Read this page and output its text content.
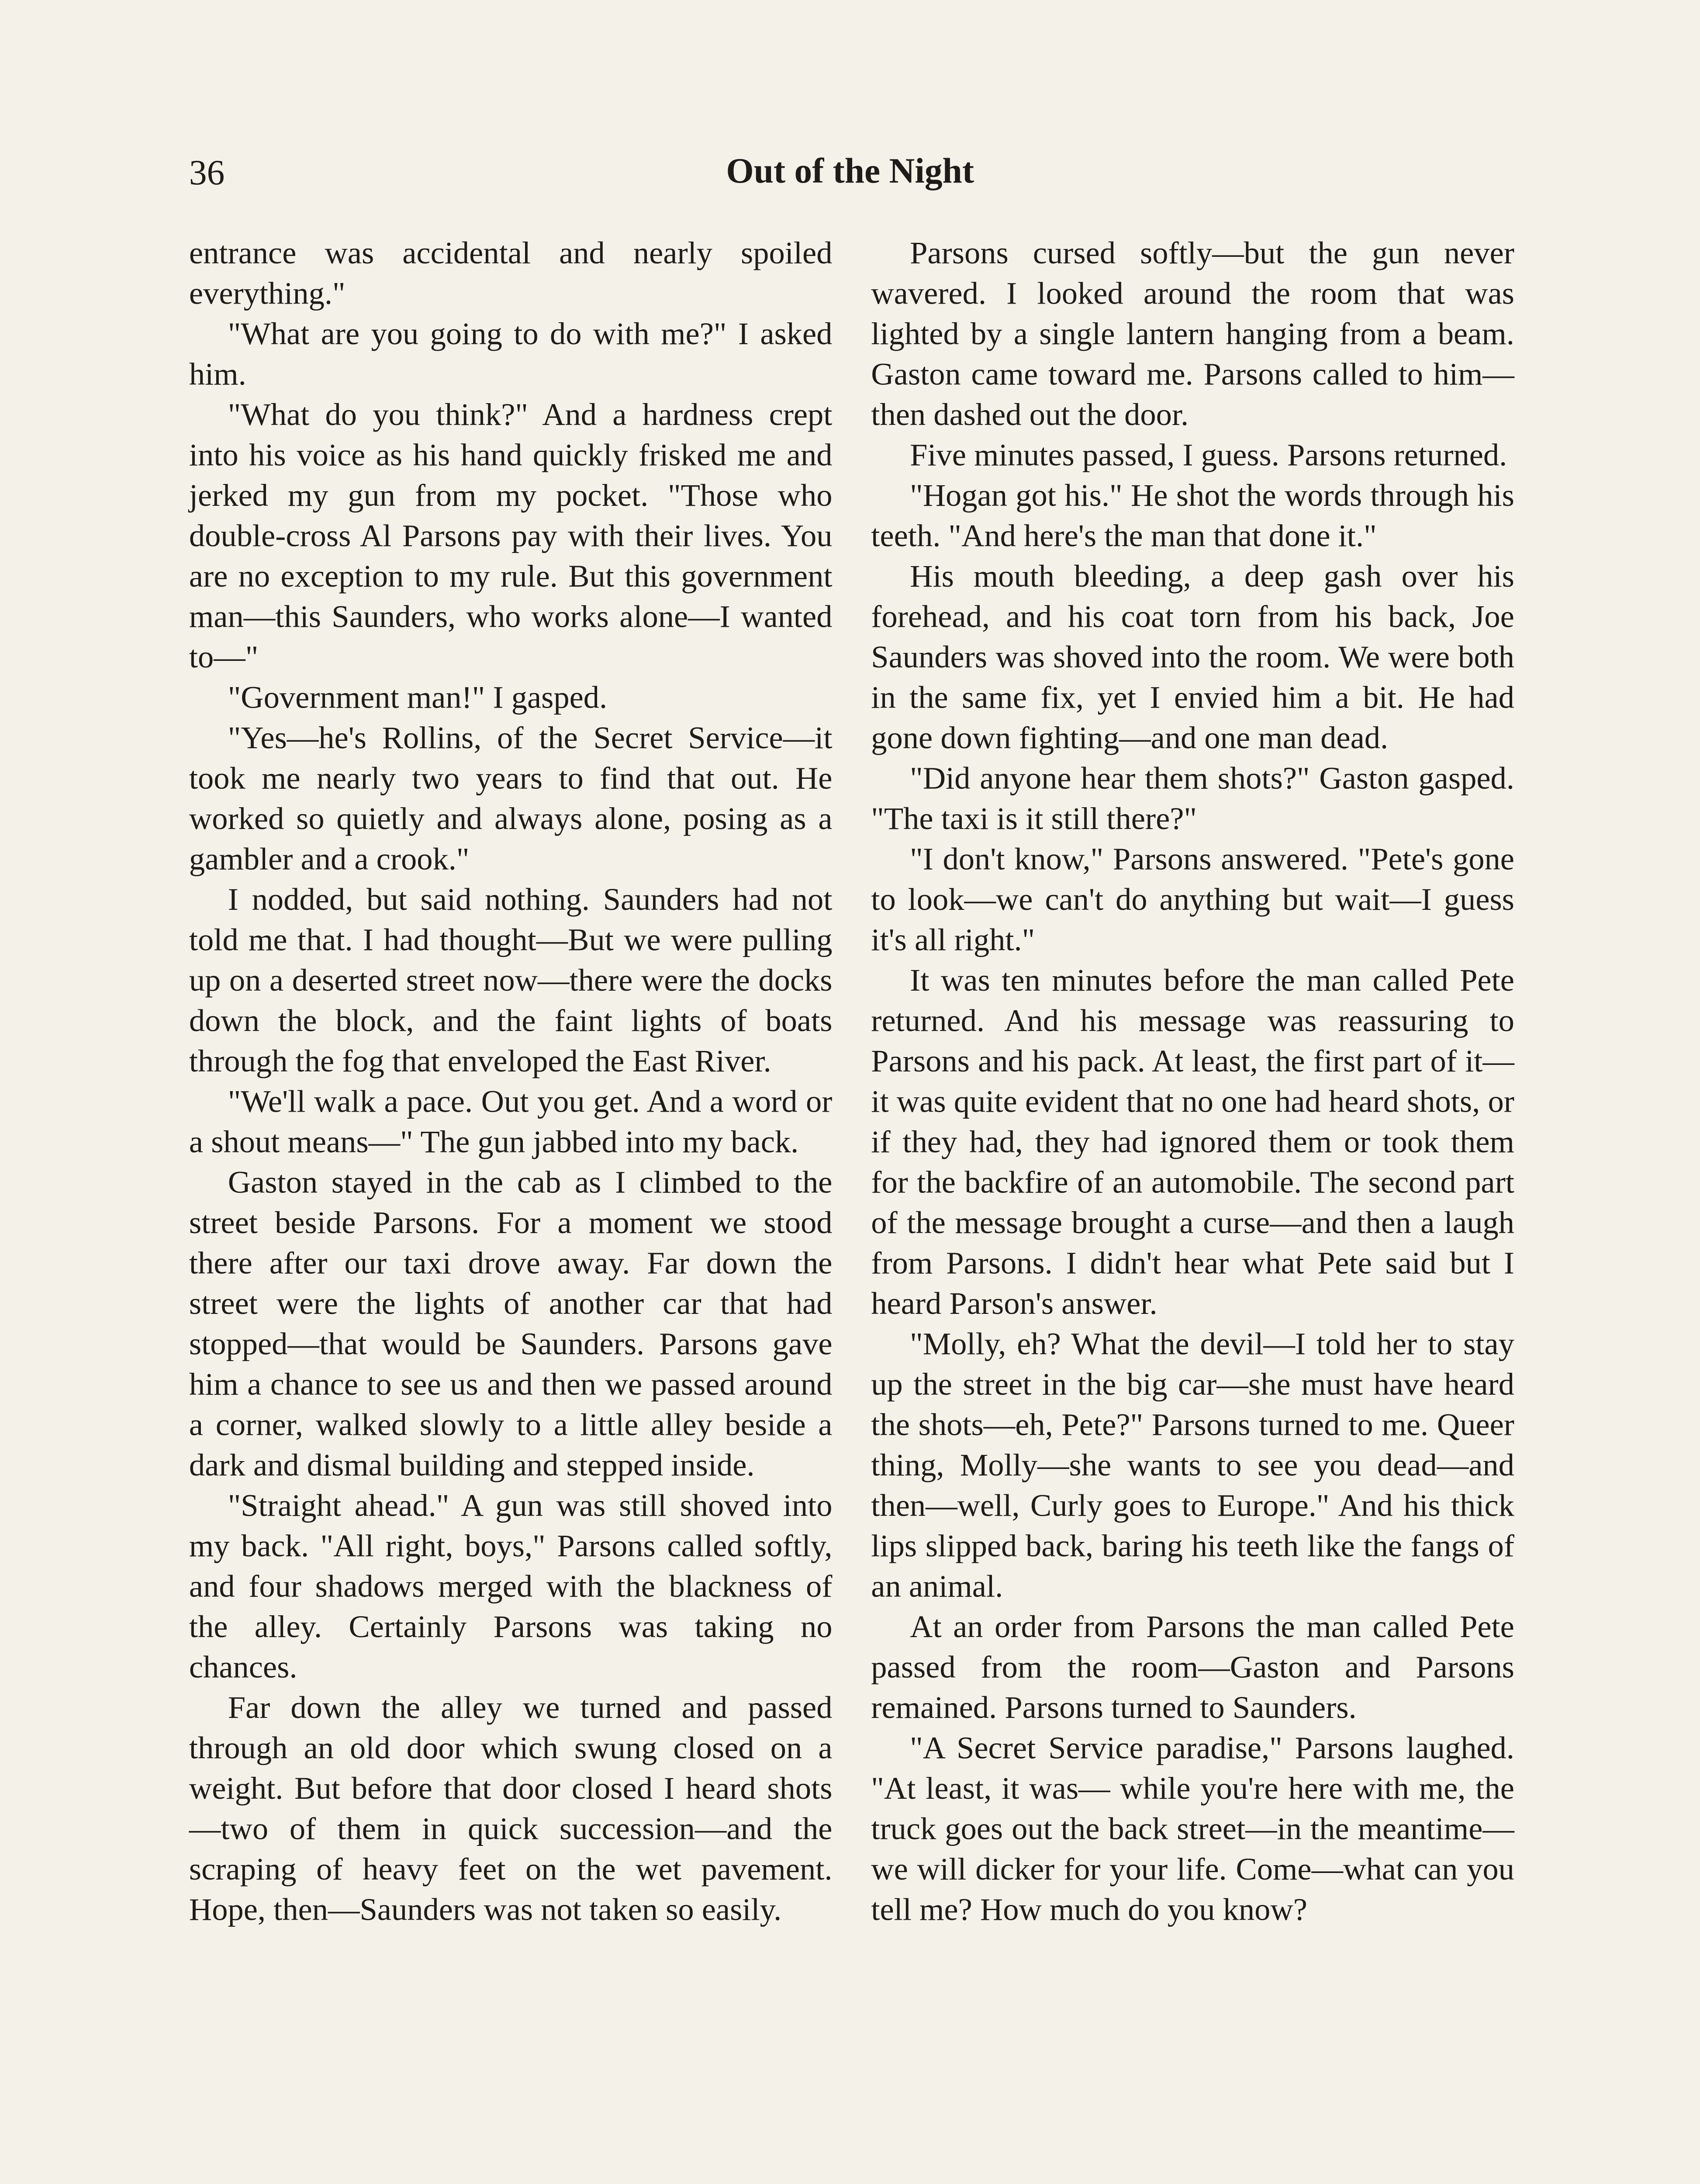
36	Out of the Night

entrance was accidental and nearly spoiled everything."

"What are you going to do with me?" I asked him.

"What do you think?" And a hardness crept into his voice as his hand quickly frisked me and jerked my gun from my pocket. "Those who double-cross Al Parsons pay with their lives. You are no exception to my rule. But this government man—this Saunders, who works alone—I wanted to—"

"Government man!" I gasped.

"Yes—he's Rollins, of the Secret Service—it took me nearly two years to find that out. He worked so quietly and always alone, posing as a gambler and a crook."

I nodded, but said nothing. Saunders had not told me that. I had thought—But we were pulling up on a deserted street now—there were the docks down the block, and the faint lights of boats through the fog that enveloped the East River.

"We'll walk a pace. Out you get. And a word or a shout means—" The gun jabbed into my back.

Gaston stayed in the cab as I climbed to the street beside Parsons. For a moment we stood there after our taxi drove away. Far down the street were the lights of another car that had stopped—that would be Saunders. Parsons gave him a chance to see us and then we passed around a corner, walked slowly to a little alley beside a dark and dismal building and stepped inside.

"Straight ahead." A gun was still shoved into my back. "All right, boys," Parsons called softly, and four shadows merged with the blackness of the alley. Certainly Parsons was taking no chances.

Far down the alley we turned and passed through an old door which swung closed on a weight. But before that door closed I heard shots—two of them in quick succession—and the scraping of heavy feet on the wet pavement. Hope, then—Saunders was not taken so easily.

Parsons cursed softly—but the gun never wavered. I looked around the room that was lighted by a single lantern hanging from a beam. Gaston came toward me. Parsons called to him—then dashed out the door.

Five minutes passed, I guess. Parsons returned.

"Hogan got his." He shot the words through his teeth. "And here's the man that done it."

His mouth bleeding, a deep gash over his forehead, and his coat torn from his back, Joe Saunders was shoved into the room. We were both in the same fix, yet I envied him a bit. He had gone down fighting—and one man dead.

"Did anyone hear them shots?" Gaston gasped. "The taxi is it still there?"

"I don't know," Parsons answered. "Pete's gone to look—we can't do anything but wait—I guess it's all right."

It was ten minutes before the man called Pete returned. And his message was reassuring to Parsons and his pack. At least, the first part of it—it was quite evident that no one had heard shots, or if they had, they had ignored them or took them for the backfire of an automobile. The second part of the message brought a curse—and then a laugh from Parsons. I didn't hear what Pete said but I heard Parson's answer.

"Molly, eh? What the devil—I told her to stay up the street in the big car—she must have heard the shots—eh, Pete?" Parsons turned to me. Queer thing, Molly—she wants to see you dead—and then—well, Curly goes to Europe." And his thick lips slipped back, baring his teeth like the fangs of an animal.

At an order from Parsons the man called Pete passed from the room—Gaston and Parsons remained. Parsons turned to Saunders.

"A Secret Service paradise," Parsons laughed. "At least, it was— while you're here with me, the truck goes out the back street—in the meantime—we will dicker for your life. Come—what can you tell me? How much do you know?
